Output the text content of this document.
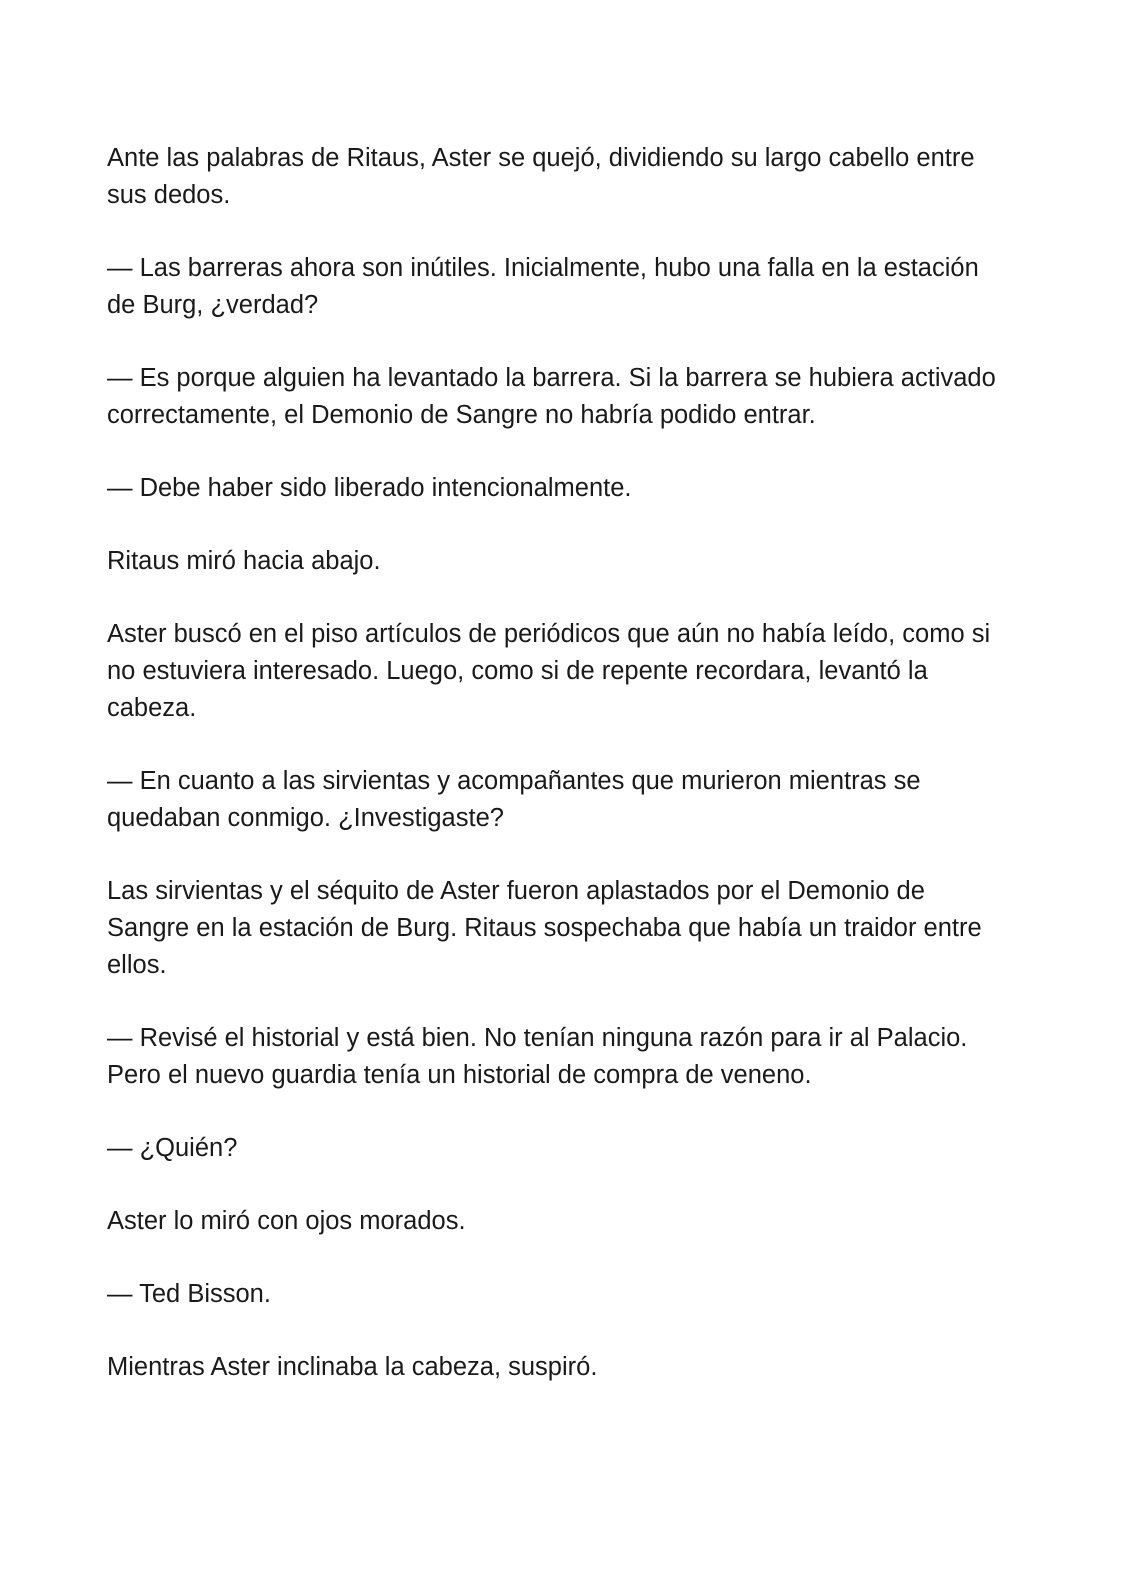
Ante las palabras de Ritaus, Aster se quejó, dividiendo su largo cabello entre sus dedos.

— Las barreras ahora son inútiles. Inicialmente, hubo una falla en la estación de Burg, ¿verdad?

— Es porque alguien ha levantado la barrera. Si la barrera se hubiera activado correctamente, el Demonio de Sangre no habría podido entrar.

— Debe haber sido liberado intencionalmente.

Ritaus miró hacia abajo.

Aster buscó en el piso artículos de periódicos que aún no había leído, como si no estuviera interesado. Luego, como si de repente recordara, levantó la cabeza.

— En cuanto a las sirvientas y acompañantes que murieron mientras se quedaban conmigo. ¿Investigaste?

Las sirvientas y el séquito de Aster fueron aplastados por el Demonio de Sangre en la estación de Burg. Ritaus sospechaba que había un traidor entre ellos.

— Revisé el historial y está bien. No tenían ninguna razón para ir al Palacio. Pero el nuevo guardia tenía un historial de compra de veneno.

— ¿Quién?

Aster lo miró con ojos morados.

— Ted Bisson.

Mientras Aster inclinaba la cabeza, suspiró.
